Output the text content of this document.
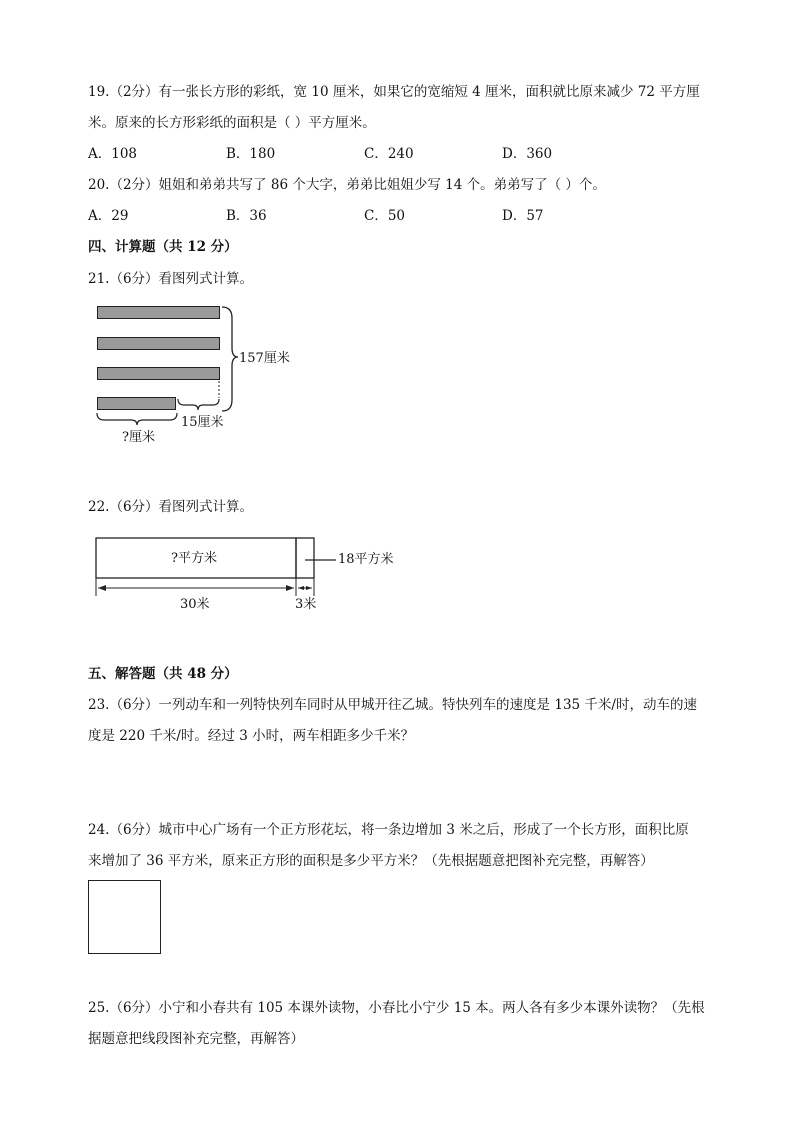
19.（2分）有一张长方形的彩纸，宽 10 厘米，如果它的宽缩短 4 厘米，面积就比原来减少 72 平方厘
米。原来的长方形彩纸的面积是（ ）平方厘米。
A．108	B．180	C．240	D．360
20.（2分）姐姐和弟弟共写了 86 个大字，弟弟比姐姐少写 14 个。弟弟写了（ ）个。
A．29	B．36	C．50	D．57
四、计算题（共 12 分）
21.（6分）看图列式计算。
157厘米
15厘米
?厘米
22.（6分）看图列式计算。
?平方米	18平方米
30米	3米
五、解答题（共 48 分）
23.（6分）一列动车和一列特快列车同时从甲城开往乙城。特快列车的速度是 135 千米/时，动车的速
度是 220 千米/时。经过 3 小时，两车相距多少千米？
24.（6分）城市中心广场有一个正方形花坛，将一条边增加 3 米之后，形成了一个长方形，面积比原
来增加了 36 平方米，原来正方形的面积是多少平方米？（先根据题意把图补充完整，再解答）
25.（6分）小宁和小春共有 105 本课外读物，小春比小宁少 15 本。两人各有多少本课外读物？（先根
据题意把线段图补充完整，再解答）
